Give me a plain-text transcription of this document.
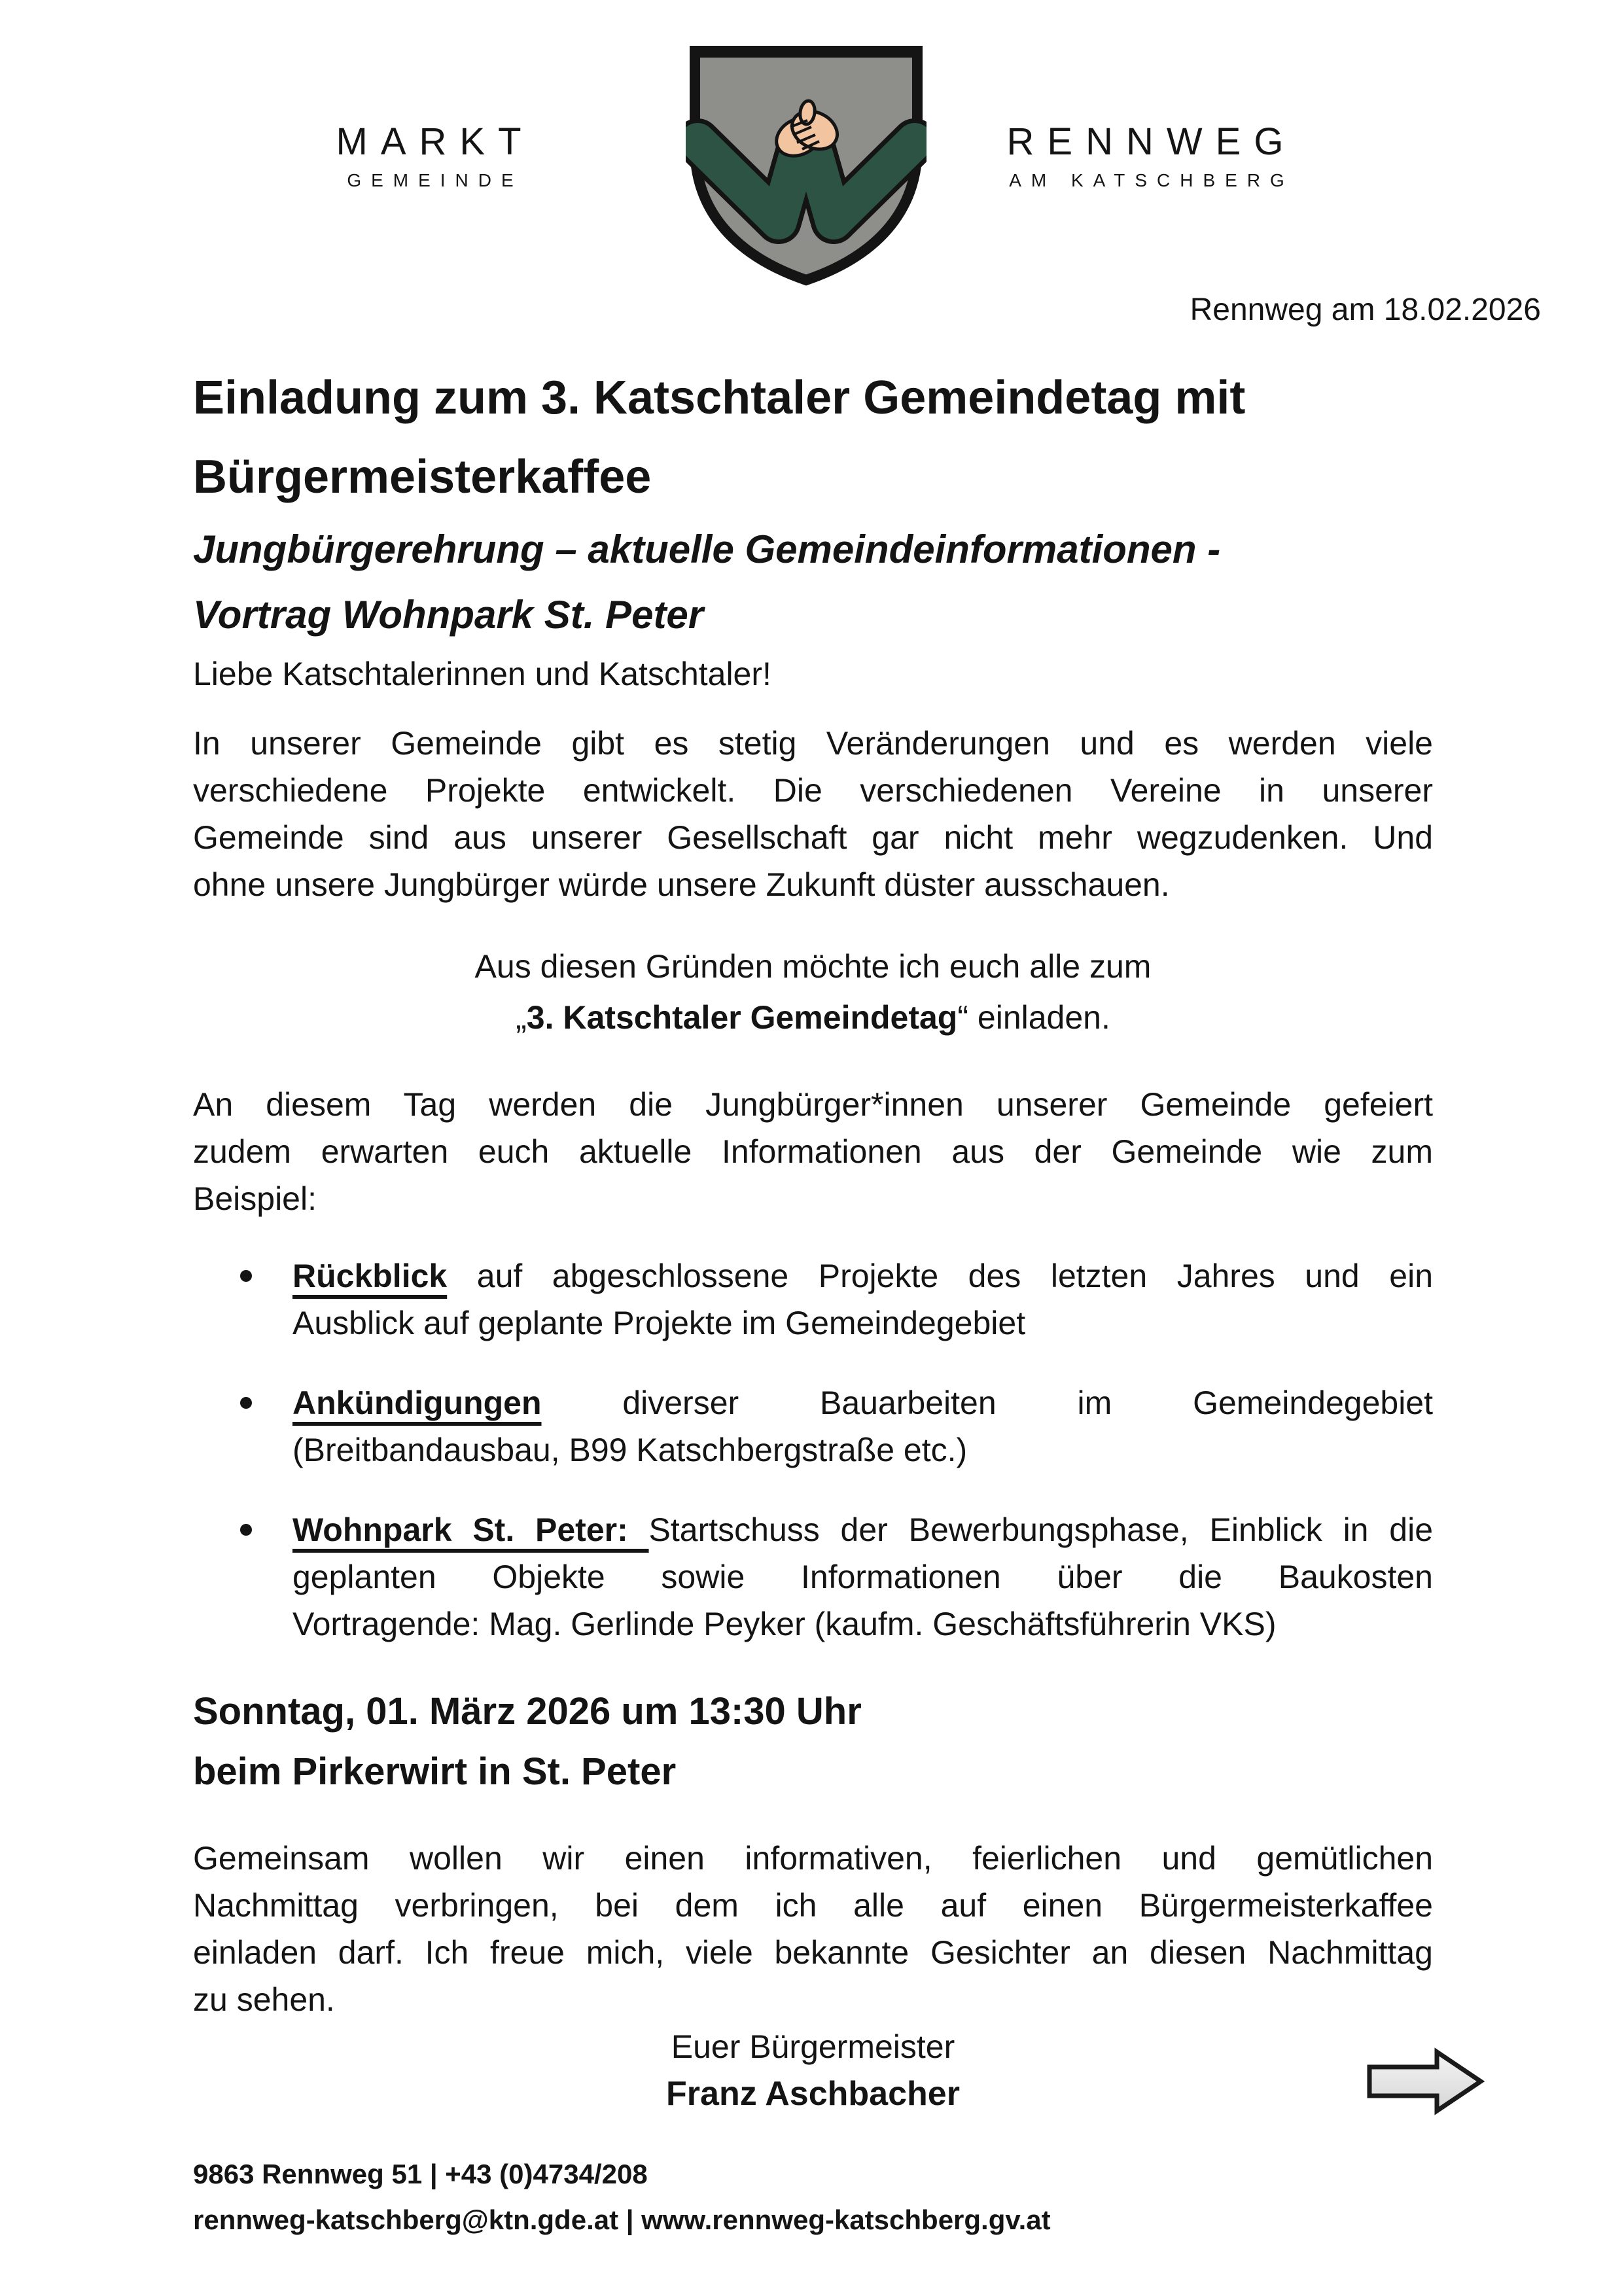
MARKT
GEMEINDE
RENNWEG
AM KATSCHBERG
Rennweg am 18.02.2026
Einladung zum 3. Katschtaler Gemeindetag mit
Bürgermeisterkaffee
Jungbürgerehrung – aktuelle Gemeindeinformationen -
Vortrag Wohnpark St. Peter
Liebe Katschtalerinnen und Katschtaler!
In unserer Gemeinde gibt es stetig Veränderungen und es werden viele
verschiedene Projekte entwickelt. Die verschiedenen Vereine in unserer
Gemeinde sind aus unserer Gesellschaft gar nicht mehr wegzudenken. Und
ohne unsere Jungbürger würde unsere Zukunft düster ausschauen.
Aus diesen Gründen möchte ich euch alle zum
„3. Katschtaler Gemeindetag“ einladen.
An diesem Tag werden die Jungbürger*innen unserer Gemeinde gefeiert
zudem erwarten euch aktuelle Informationen aus der Gemeinde wie zum
Beispiel:
Rückblick auf abgeschlossene Projekte des letzten Jahres und ein
Ausblick auf geplante Projekte im Gemeindegebiet
Ankündigungen diverser Bauarbeiten im Gemeindegebiet
(Breitbandausbau, B99 Katschbergstraße etc.)
Wohnpark St. Peter: Startschuss der Bewerbungsphase, Einblick in die
geplanten Objekte sowie Informationen über die Baukosten
Vortragende: Mag. Gerlinde Peyker (kaufm. Geschäftsführerin VKS)
Sonntag, 01. März 2026 um 13:30 Uhr
beim Pirkerwirt in St. Peter
Gemeinsam wollen wir einen informativen, feierlichen und gemütlichen
Nachmittag verbringen, bei dem ich alle auf einen Bürgermeisterkaffee
einladen darf. Ich freue mich, viele bekannte Gesichter an diesen Nachmittag
zu sehen.
Euer Bürgermeister
Franz Aschbacher
9863 Rennweg 51 | +43 (0)4734/208
rennweg-katschberg@ktn.gde.at | www.rennweg-katschberg.gv.at
